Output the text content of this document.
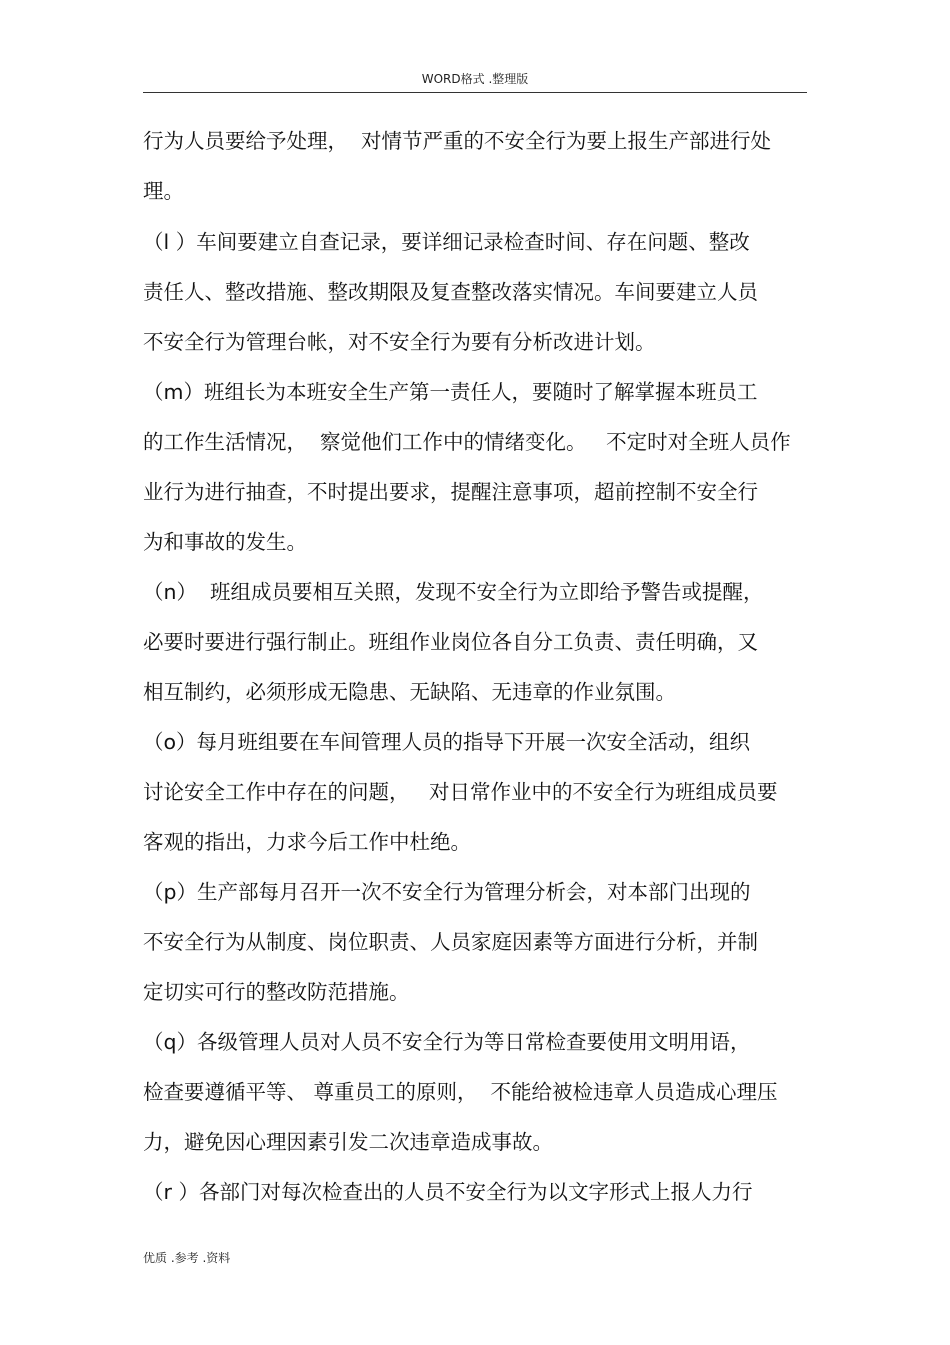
WORD格式 .整理版
行为人员要给予处理，  对情节严重的不安全行为要上报生产部进行处
理。
（l ）车间要建立自查记录，要详细记录检查时间、存在问题、整改
责任人、整改措施、整改期限及复查整改落实情况。车间要建立人员
不安全行为管理台帐，对不安全行为要有分析改进计划。
（m）班组长为本班安全生产第一责任人，要随时了解掌握本班员工
的工作生活情况，  察觉他们工作中的情绪变化。   不定时对全班人员作
业行为进行抽查，不时提出要求，提醒注意事项，超前控制不安全行
为和事故的发生。
（n）  班组成员要相互关照，发现不安全行为立即给予警告或提醒，
必要时要进行强行制止。班组作业岗位各自分工负责、责任明确，又
相互制约，必须形成无隐患、无缺陷、无违章的作业氛围。
（o）每月班组要在车间管理人员的指导下开展一次安全活动，组织
讨论安全工作中存在的问题，   对日常作业中的不安全行为班组成员要
客观的指出，力求今后工作中杜绝。
（p）生产部每月召开一次不安全行为管理分析会，对本部门出现的
不安全行为从制度、岗位职责、人员家庭因素等方面进行分析，并制
定切实可行的整改防范措施。
（q）各级管理人员对人员不安全行为等日常检查要使用文明用语，
检查要遵循平等、 尊重员工的原则，  不能给被检违章人员造成心理压
力，避免因心理因素引发二次违章造成事故。
（r ）各部门对每次检查出的人员不安全行为以文字形式上报人力行
优质 .参考 .资料
